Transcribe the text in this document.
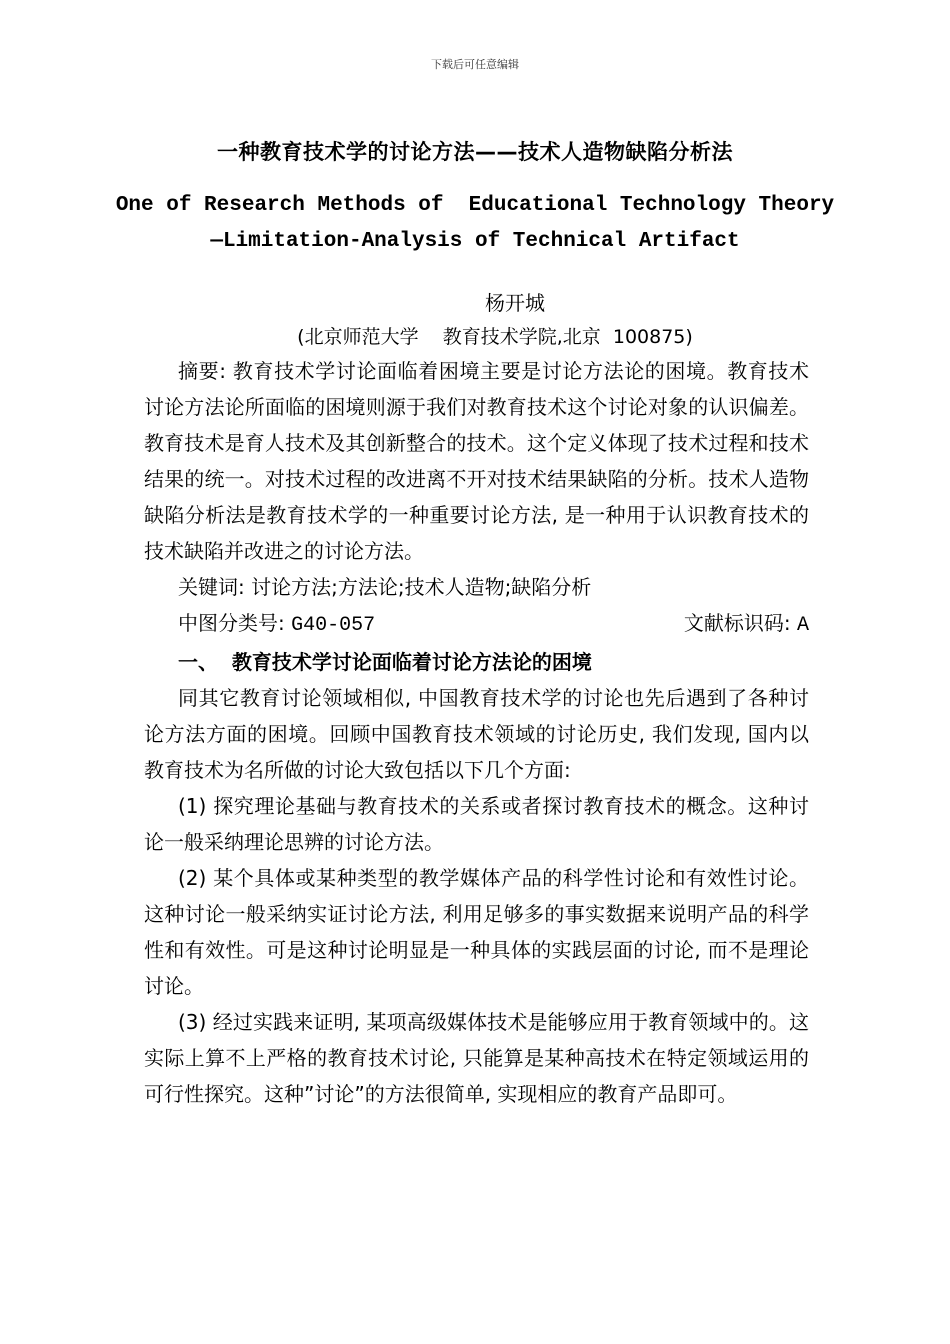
下载后可任意编辑
一种教育技术学的讨论方法——技术人造物缺陷分析法
One of Research Methods of  Educational Technology Theory
—Limitation-Analysis of Technical Artifact
杨开城
(北京师范大学    教育技术学院,北京  100875)

摘要: 教育技术学讨论面临着困境主要是讨论方法论的困境。教育技术讨论方法论所面临的困境则源于我们对教育技术这个讨论对象的认识偏差。教育技术是育人技术及其创新整合的技术。这个定义体现了技术过程和技术结果的统一。对技术过程的改进离不开对技术结果缺陷的分析。技术人造物缺陷分析法是教育技术学的一种重要讨论方法, 是一种用于认识教育技术的技术缺陷并改进之的讨论方法。

关键词: 讨论方法;方法论;技术人造物;缺陷分析

中图分类号: G40-057	文献标识码: A

一、  教育技术学讨论面临着讨论方法论的困境

同其它教育讨论领域相似, 中国教育技术学的讨论也先后遇到了各种讨论方法方面的困境。回顾中国教育技术领域的讨论历史, 我们发现, 国内以教育技术为名所做的讨论大致包括以下几个方面:

(1) 探究理论基础与教育技术的关系或者探讨教育技术的概念。这种讨论一般采纳理论思辨的讨论方法。

(2) 某个具体或某种类型的教学媒体产品的科学性讨论和有效性讨论。这种讨论一般采纳实证讨论方法, 利用足够多的事实数据来说明产品的科学性和有效性。可是这种讨论明显是一种具体的实践层面的讨论, 而不是理论讨论。

(3) 经过实践来证明, 某项高级媒体技术是能够应用于教育领域中的。这实际上算不上严格的教育技术讨论, 只能算是某种高技术在特定领域运用的可行性探究。这种”讨论”的方法很简单, 实现相应的教育产品即可。
